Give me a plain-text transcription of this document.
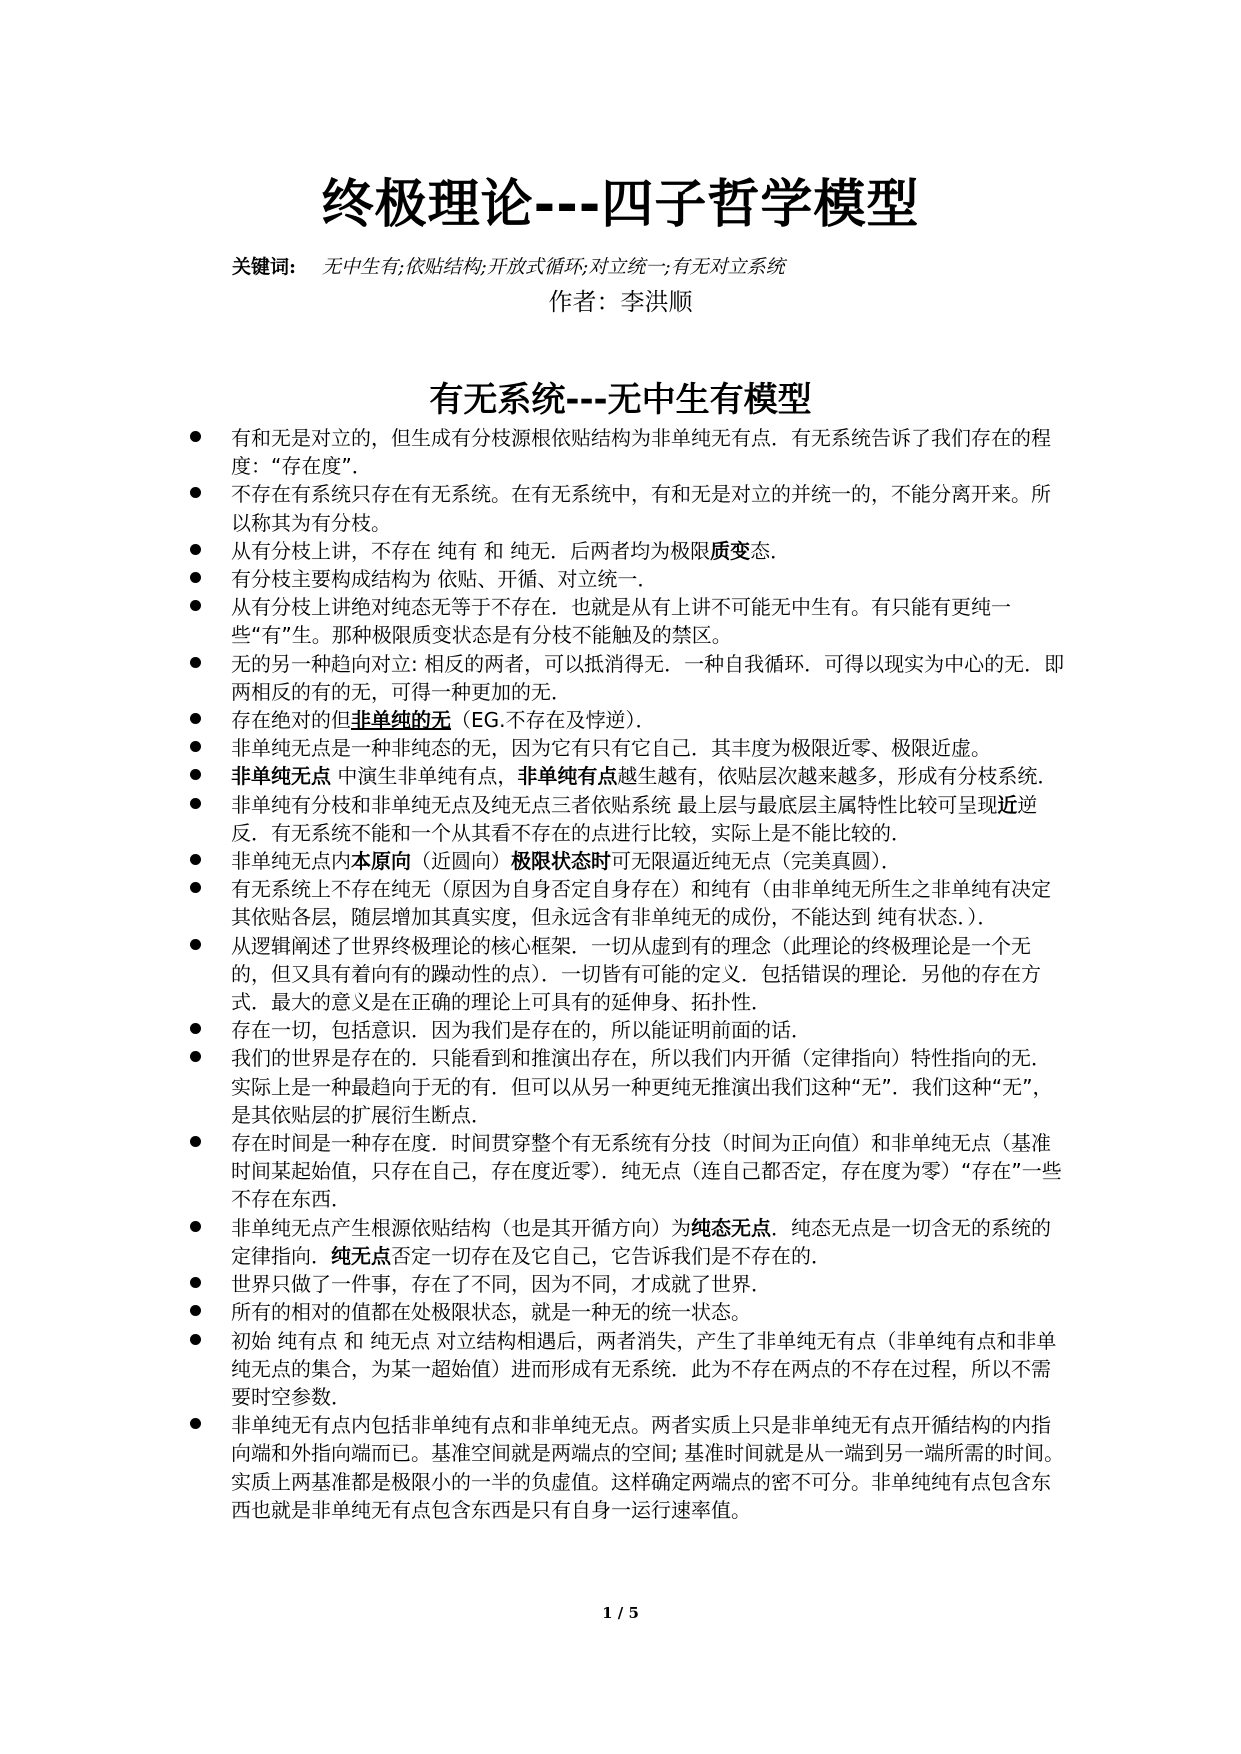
终极理论---四子哲学模型
关键词: 无中生有;依贴结构;开放式循环;对立统一;有无对立系统
作者：李洪顺
有无系统---无中生有模型
有和无是对立的，但生成有分枝源根依贴结构为非单纯无有点．有无系统告诉了我们存在的程度：“存在度”．
不存在有系统只存在有无系统。在有无系统中，有和无是对立的并统一的，不能分离开来。所以称其为有分枝。
从有分枝上讲，不存在 纯有 和 纯无．后两者均为极限质变态．
有分枝主要构成结构为 依贴、开循、对立统一．
从有分枝上讲绝对纯态无等于不存在．也就是从有上讲不可能无中生有。有只能有更纯一些“有”生。那种极限质变状态是有分枝不能触及的禁区。
无的另一种趋向对立: 相反的两者，可以抵消得无．一种自我循环．可得以现实为中心的无．即两相反的有的无，可得一种更加的无．
存在绝对的但非单纯的无（EG.不存在及悖逆）．
非单纯无点是一种非纯态的无，因为它有只有它自己．其丰度为极限近零、极限近虚。
非单纯无点 中演生非单纯有点，非单纯有点越生越有，依贴层次越来越多，形成有分枝系统．
非单纯有分枝和非单纯无点及纯无点三者依贴系统 最上层与最底层主属特性比较可呈现近逆反．有无系统不能和一个从其看不存在的点进行比较，实际上是不能比较的．
非单纯无点内本原向（近圆向）极限状态时可无限逼近纯无点（完美真圆）．
有无系统上不存在纯无（原因为自身否定自身存在）和纯有（由非单纯无所生之非单纯有决定其依贴各层，随层增加其真实度，但永远含有非单纯无的成份，不能达到 纯有状态．）．
从逻辑阐述了世界终极理论的核心框架．一切从虚到有的理念（此理论的终极理论是一个无的，但又具有着向有的躁动性的点）．一切皆有可能的定义．包括错误的理论．另他的存在方式．最大的意义是在正确的理论上可具有的延伸身、拓扑性．
存在一切，包括意识．因为我们是存在的，所以能证明前面的话．
我们的世界是存在的．只能看到和推演出存在，所以我们内开循（定律指向）特性指向的无．实际上是一种最趋向于无的有．但可以从另一种更纯无推演出我们这种“无”．我们这种“无”，是其依贴层的扩展衍生断点．
存在时间是一种存在度．时间贯穿整个有无系统有分技（时间为正向值）和非单纯无点（基准时间某起始值，只存在自己，存在度近零）．纯无点（连自己都否定，存在度为零）“存在”一些不存在东西．
非单纯无点产生根源依贴结构（也是其开循方向）为纯态无点．纯态无点是一切含无的系统的定律指向．纯无点否定一切存在及它自己，它告诉我们是不存在的．
世界只做了一件事，存在了不同，因为不同，才成就了世界．
所有的相对的值都在处极限状态，就是一种无的统一状态。
初始 纯有点 和 纯无点 对立结构相遇后，两者消失，产生了非单纯无有点（非单纯有点和非单纯无点的集合，为某一超始值）进而形成有无系统．此为不存在两点的不存在过程，所以不需要时空参数．
非单纯无有点内包括非单纯有点和非单纯无点。两者实质上只是非单纯无有点开循结构的内指向端和外指向端而已。基准空间就是两端点的空间; 基准时间就是从一端到另一端所需的时间。实质上两基准都是极限小的一半的负虚值。这样确定两端点的密不可分。非单纯纯有点包含东西也就是非单纯无有点包含东西是只有自身一运行速率值。
1 / 5
